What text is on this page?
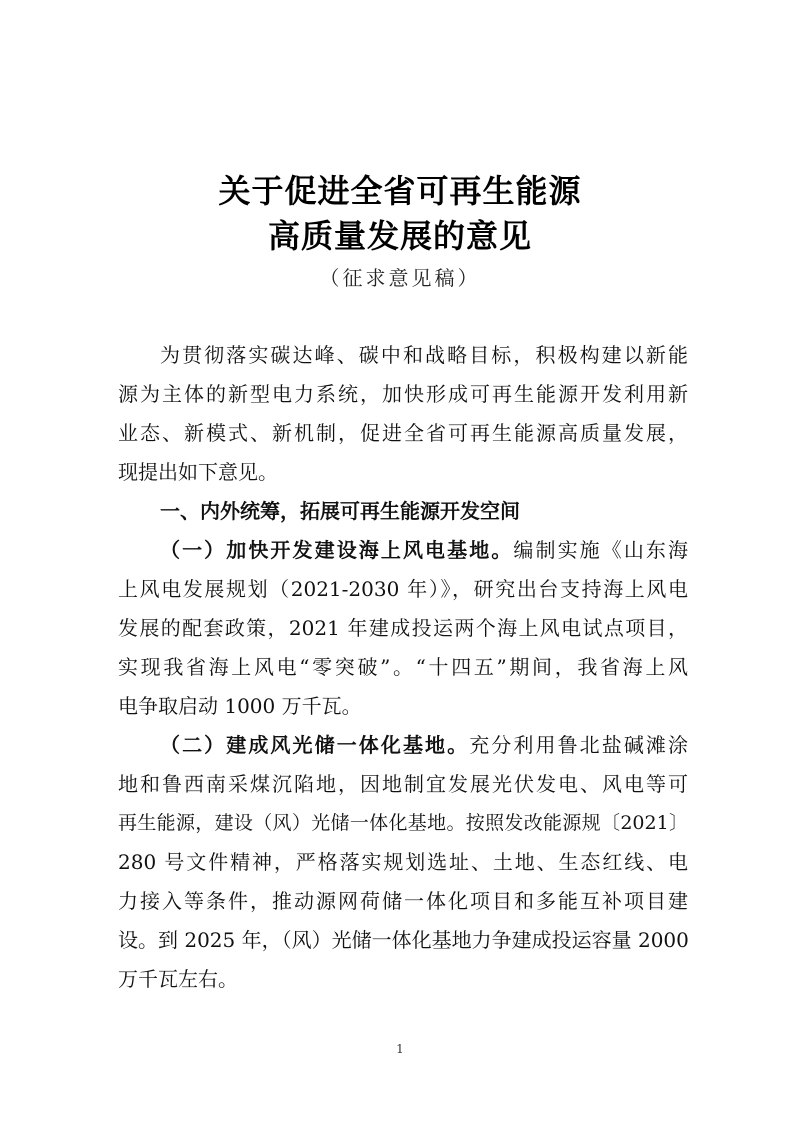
关于促进全省可再生能源
高质量发展的意见
（征求意见稿）
为贯彻落实碳达峰、碳中和战略目标，积极构建以新能
源为主体的新型电力系统，加快形成可再生能源开发利用新
业态、新模式、新机制，促进全省可再生能源高质量发展，
现提出如下意见。
一、内外统筹，拓展可再生能源开发空间
（一）加快开发建设海上风电基地。编制实施《山东海
上风电发展规划（2021-2030 年）》，研究出台支持海上风电
发展的配套政策，2021 年建成投运两个海上风电试点项目，
实现我省海上风电“零突破”。“十四五”期间，我省海上风
电争取启动 1000 万千瓦。
（二）建成风光储一体化基地。充分利用鲁北盐碱滩涂
地和鲁西南采煤沉陷地，因地制宜发展光伏发电、风电等可
再生能源，建设（风）光储一体化基地。按照发改能源规〔2021〕
280 号文件精神，严格落实规划选址、土地、生态红线、电
力接入等条件，推动源网荷储一体化项目和多能互补项目建
设。到 2025 年，（风）光储一体化基地力争建成投运容量 2000
万千瓦左右。
1
